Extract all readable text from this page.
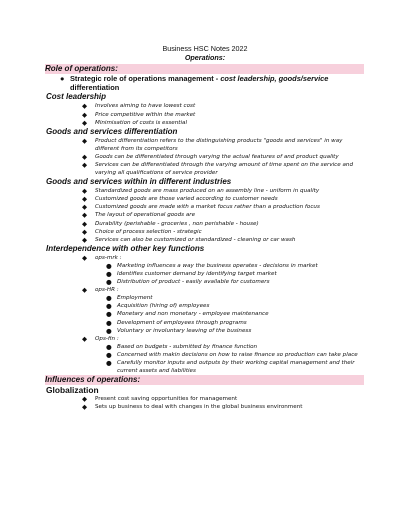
Business HSC Notes 2022
Operations:
Role of operations:
● Strategic role of operations management - cost leadership, goods/service
differentiation
Cost leadership
◆ Involves aiming to have lowest cost
◆ Price competitive within the market
◆ Minimisation of costs is essential
Goods and services differentiation
◆ Product differentiation refers to the distinguishing products "goods and services" in way different from its competitors
◆ Goods can be differentiated through varying the actual features of and product quality
◆ Services can be differentiated through the varying amount of time spent on the service and varying all qualifications of service provider
Goods and services within in different industries
◆ Standardized goods are mass produced on an assembly line - uniform in quality
◆ Customized goods are those varied according to customer needs
◆ Customized goods are made with a market focus rather than a production focus
◆ The layout of operational goods are
◆ Durability (perishable - groceries , non perishable - house)
◆ Choice of process selection - strategic
◆ Services can also be customized or standardized - cleaning or car wash
Interdependence with other key functions
◆ ops-mrk :
● Marketing influences a way the business operates - decisions in market
● Identifies customer demand by identifying target market
● Distribution of product - easily available for customers
◆ ops-HR :
● Employment
● Acquisition (hiring of) employees
● Monetary and non monetary - employee maintenance
● Development of employees through programs
● Voluntary or involuntary leaving of the business
◆ Ops-fin :
● Based on budgets - submitted by finance function
● Concerned with makin decisions on how to raise finance so production can take place
● Carefully monitor inputs and outputs by their working capital management and their current assets and liabilities
Influences of operations:
Globalization
◆ Present cost saving opportunities for management
◆ Sets up business to deal with changes in the global business environment
